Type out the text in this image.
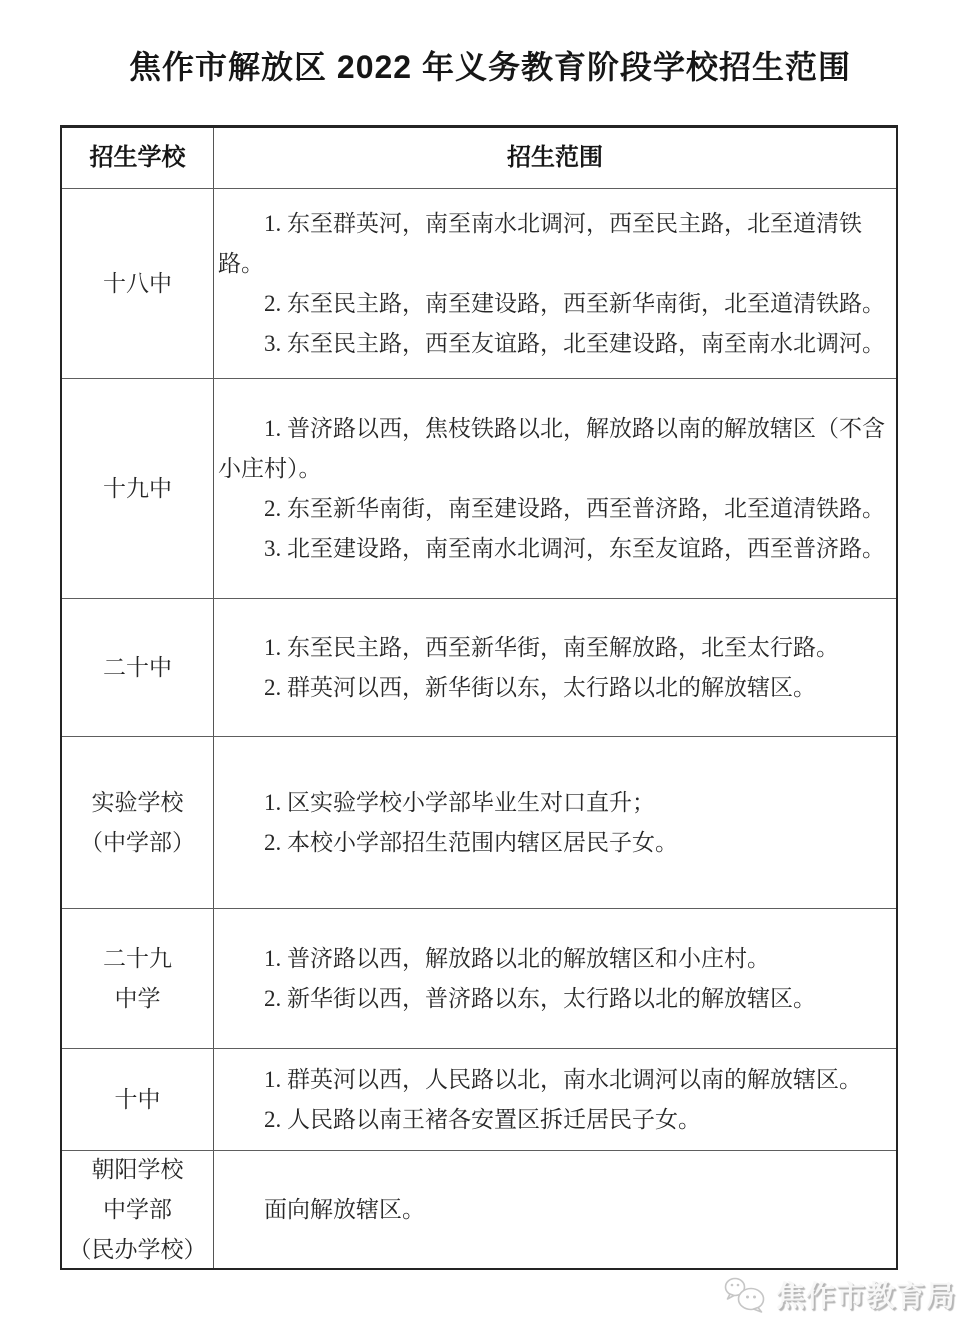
焦作市解放区 2022 年义务教育阶段学校招生范围
招生学校	招生范围
十八中

1. 东至群英河，南至南水北调河，西至民主路，北至道清铁路。

2. 东至民主路，南至建设路，西至新华南街，北至道清铁路。

3. 东至民主路，西至友谊路，北至建设路，南至南水北调河。

十九中

1. 普济路以西，焦枝铁路以北，解放路以南的解放辖区（不含小庄村）。

2. 东至新华南街，南至建设路，西至普济路，北至道清铁路。

3. 北至建设路，南至南水北调河，东至友谊路，西至普济路。

二十中

1. 东至民主路，西至新华街，南至解放路，北至太行路。

2. 群英河以西，新华街以东，太行路以北的解放辖区。

实验学校
（中学部）

1. 区实验学校小学部毕业生对口直升；

2. 本校小学部招生范围内辖区居民子女。

二十九
中学

1. 普济路以西，解放路以北的解放辖区和小庄村。

2. 新华街以西，普济路以东，太行路以北的解放辖区。

十中

1. 群英河以西，人民路以北，南水北调河以南的解放辖区。

2. 人民路以南王褚各安置区拆迁居民子女。

朝阳学校
中学部
（民办学校）

面向解放辖区。

焦作市教育局
